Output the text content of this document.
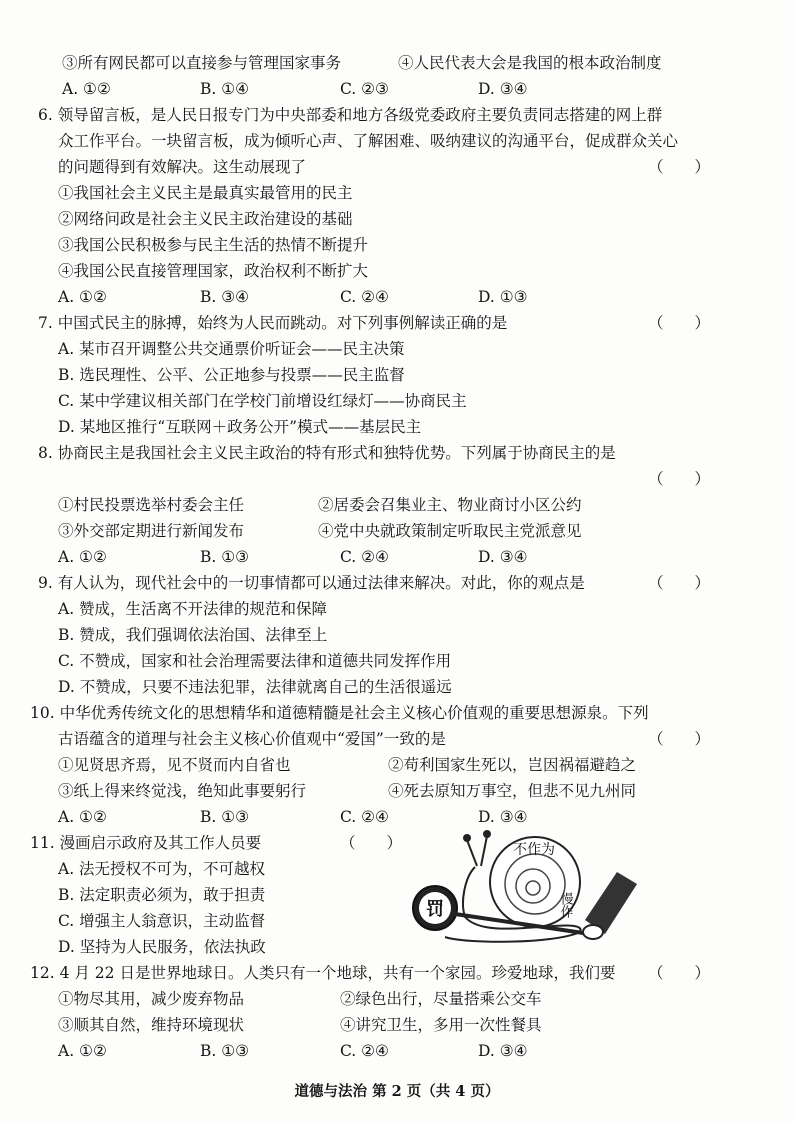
③所有网民都可以直接参与管理国家事务	④人民代表大会是我国的根本政治制度
A. ①②	B. ①④	C. ②③	D. ③④
6. 领导留言板，是人民日报专门为中央部委和地方各级党委政府主要负责同志搭建的网上群
众工作平台。一块留言板，成为倾听心声、了解困难、吸纳建议的沟通平台，促成群众关心
的问题得到有效解决。这生动展现了	（　　）
①我国社会主义民主是最真实最管用的民主
②网络问政是社会主义民主政治建设的基础
③我国公民积极参与民主生活的热情不断提升
④我国公民直接管理国家，政治权利不断扩大
A. ①②	B. ③④	C. ②④	D. ①③
7. 中国式民主的脉搏，始终为人民而跳动。对下列事例解读正确的是	（　　）
A. 某市召开调整公共交通票价听证会——民主决策
B. 选民理性、公平、公正地参与投票——民主监督
C. 某中学建议相关部门在学校门前增设红绿灯——协商民主
D. 某地区推行“互联网＋政务公开”模式——基层民主
8. 协商民主是我国社会主义民主政治的特有形式和独特优势。下列属于协商民主的是
（　　）
①村民投票选举村委会主任	②居委会召集业主、物业商讨小区公约
③外交部定期进行新闻发布	④党中央就政策制定听取民主党派意见
A. ①②	B. ①③	C. ②④	D. ③④
9. 有人认为，现代社会中的一切事情都可以通过法律来解决。对此，你的观点是	（　　）
A. 赞成，生活离不开法律的规范和保障
B. 赞成，我们强调依法治国、法律至上
C. 不赞成，国家和社会治理需要法律和道德共同发挥作用
D. 不赞成，只要不违法犯罪，法律就离自己的生活很遥远
10. 中华优秀传统文化的思想精华和道德精髓是社会主义核心价值观的重要思想源泉。下列
古语蕴含的道理与社会主义核心价值观中“爱国”一致的是	（　　）
①见贤思齐焉，见不贤而内自省也	②苟利国家生死以，岂因祸福避趋之
③纸上得来终觉浅，绝知此事要躬行	④死去原知万事空，但悲不见九州同
A. ①②	B. ①③	C. ②④	D. ③④
11. 漫画启示政府及其工作人员要	（　　）
A. 法无授权不可为，不可越权
B. 法定职责必须为，敢于担责
C. 增强主人翁意识，主动监督
D. 坚持为人民服务，依法执政
不作为
慢作
罚
12. 4 月 22 日是世界地球日。人类只有一个地球，共有一个家园。珍爱地球，我们要 （　　）
①物尽其用，减少废弃物品	②绿色出行，尽量搭乘公交车
③顺其自然，维持环境现状	④讲究卫生，多用一次性餐具
A. ①②	B. ①③	C. ②④	D. ③④
道德与法治 第 2 页（共 4 页）
